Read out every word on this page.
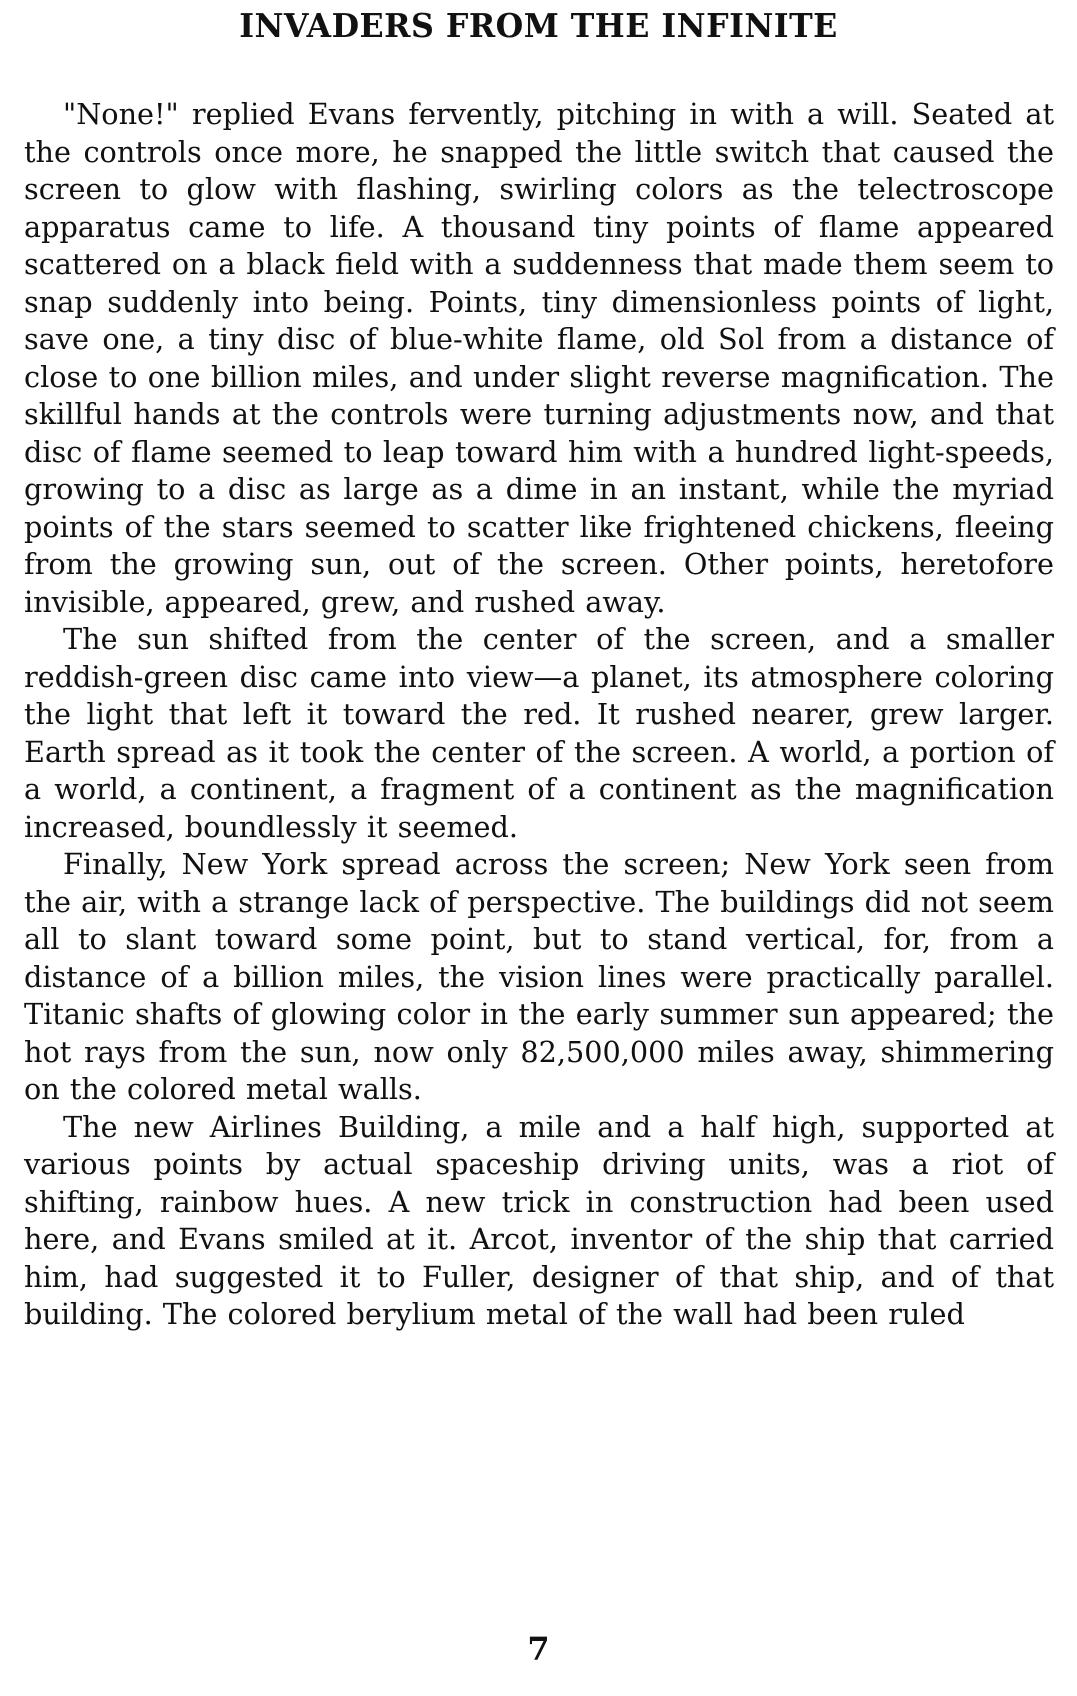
INVADERS FROM THE INFINITE

"None!" replied Evans fervently, pitching in with a will. Seated at the controls once more, he snapped the little switch that caused the screen to glow with flashing, swirling colors as the telectroscope apparatus came to life. A thousand tiny points of flame appeared scattered on a black field with a suddenness that made them seem to snap suddenly into being. Points, tiny dimensionless points of light, save one, a tiny disc of blue-white flame, old Sol from a distance of close to one billion miles, and under slight reverse magnification. The skillful hands at the controls were turning adjustments now, and that disc of flame seemed to leap toward him with a hundred light-speeds, growing to a disc as large as a dime in an instant, while the myriad points of the stars seemed to scatter like frightened chickens, fleeing from the growing sun, out of the screen. Other points, heretofore invisible, appeared, grew, and rushed away.

The sun shifted from the center of the screen, and a smaller reddish-green disc came into view—a planet, its atmosphere coloring the light that left it toward the red. It rushed nearer, grew larger. Earth spread as it took the center of the screen. A world, a portion of a world, a continent, a fragment of a continent as the magnification increased, boundlessly it seemed.

Finally, New York spread across the screen; New York seen from the air, with a strange lack of perspective. The buildings did not seem all to slant toward some point, but to stand vertical, for, from a distance of a billion miles, the vision lines were practically parallel. Titanic shafts of glowing color in the early summer sun appeared; the hot rays from the sun, now only 82,500,000 miles away, shimmering on the colored metal walls.

The new Airlines Building, a mile and a half high, supported at various points by actual spaceship driving units, was a riot of shifting, rainbow hues. A new trick in construction had been used here, and Evans smiled at it. Arcot, inventor of the ship that carried him, had suggested it to Fuller, designer of that ship, and of that building. The colored berylium metal of the wall had been ruled

7
